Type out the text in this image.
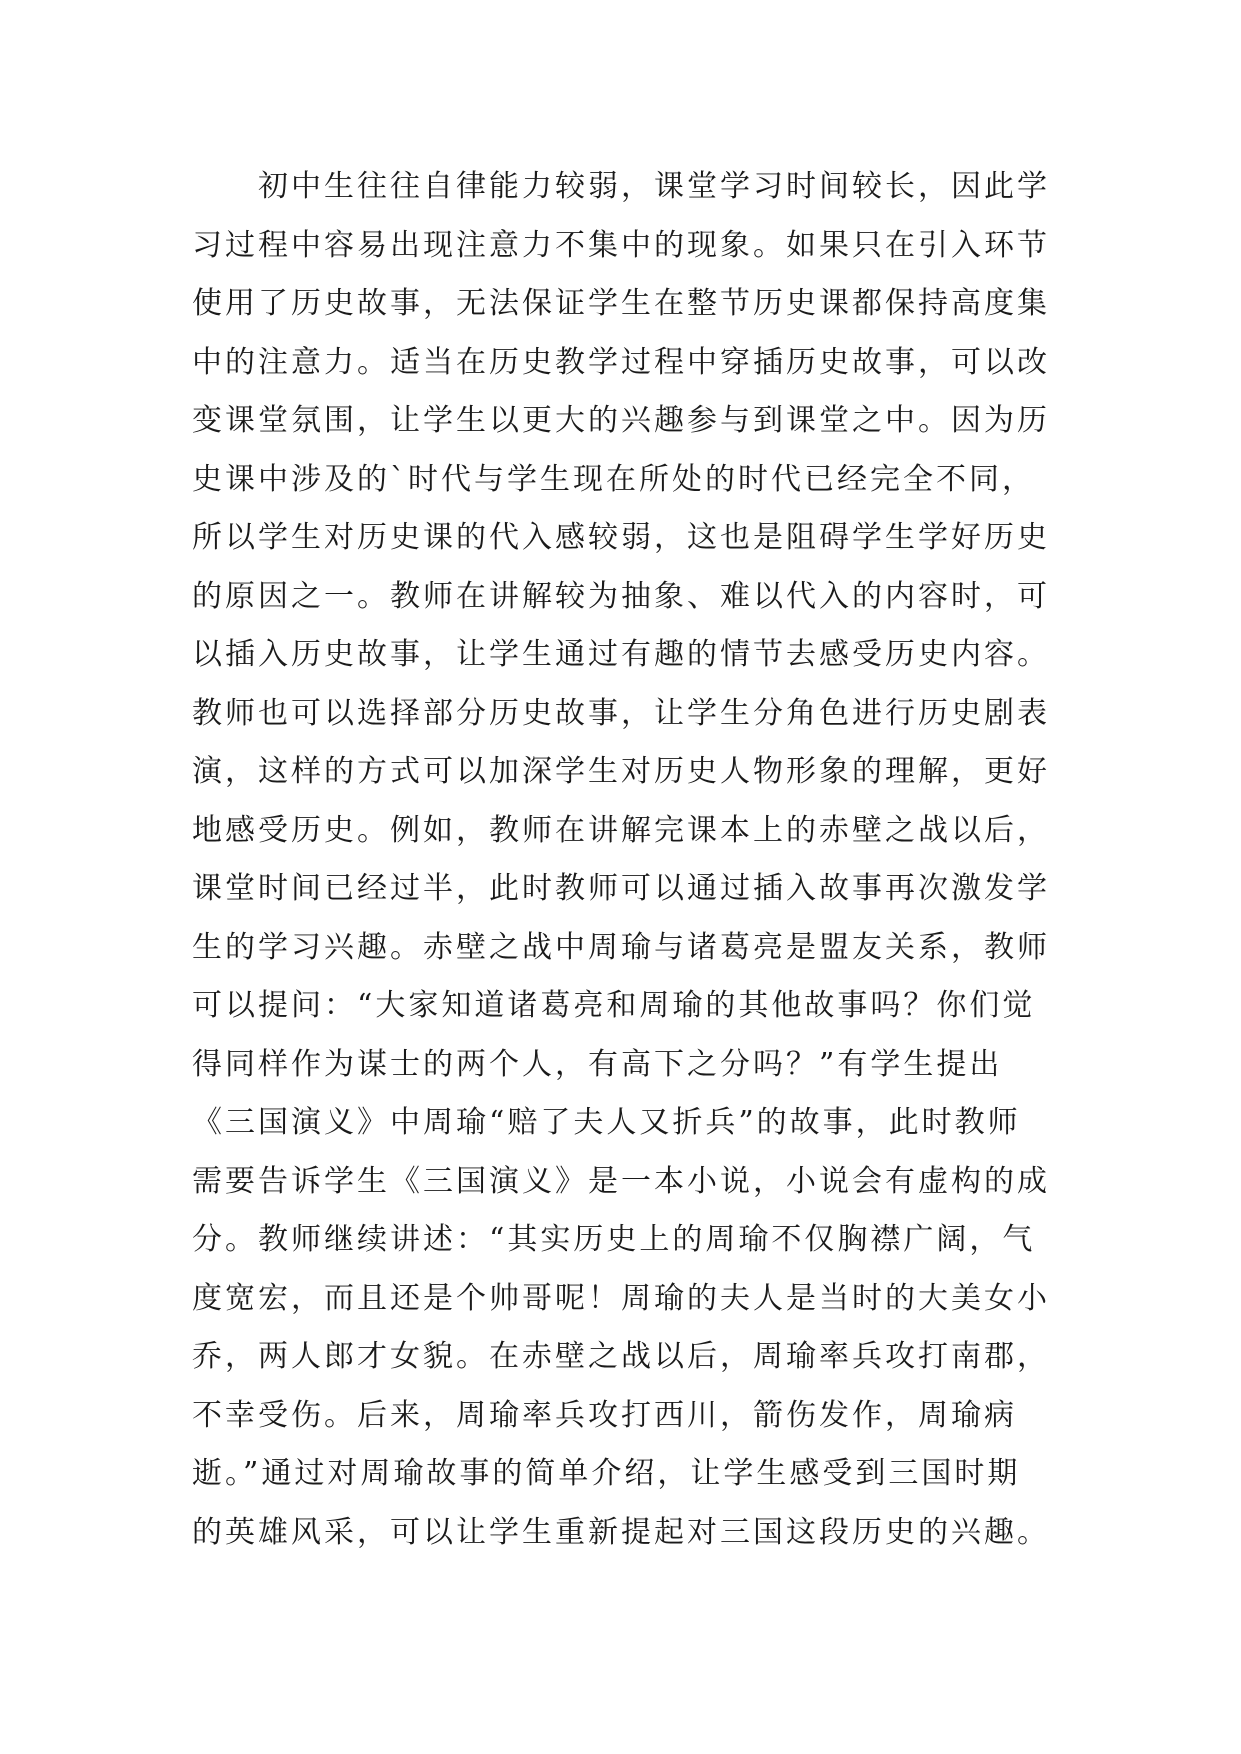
初中生往往自律能力较弱，课堂学习时间较长，因此学
习过程中容易出现注意力不集中的现象。如果只在引入环节
使用了历史故事，无法保证学生在整节历史课都保持高度集
中的注意力。适当在历史教学过程中穿插历史故事，可以改
变课堂氛围，让学生以更大的兴趣参与到课堂之中。因为历
史课中涉及的`时代与学生现在所处的时代已经完全不同，
所以学生对历史课的代入感较弱，这也是阻碍学生学好历史
的原因之一。教师在讲解较为抽象、难以代入的内容时，可
以插入历史故事，让学生通过有趣的情节去感受历史内容。
教师也可以选择部分历史故事，让学生分角色进行历史剧表
演，这样的方式可以加深学生对历史人物形象的理解，更好
地感受历史。例如，教师在讲解完课本上的赤壁之战以后，
课堂时间已经过半，此时教师可以通过插入故事再次激发学
生的学习兴趣。赤壁之战中周瑜与诸葛亮是盟友关系，教师
可以提问：“大家知道诸葛亮和周瑜的其他故事吗？你们觉
得同样作为谋士的两个人，有高下之分吗？”有学生提出
《三国演义》中周瑜“赔了夫人又折兵”的故事，此时教师
需要告诉学生《三国演义》是一本小说，小说会有虚构的成
分。教师继续讲述：“其实历史上的周瑜不仅胸襟广阔，气
度宽宏，而且还是个帅哥呢！周瑜的夫人是当时的大美女小
乔，两人郎才女貌。在赤壁之战以后，周瑜率兵攻打南郡，
不幸受伤。后来，周瑜率兵攻打西川，箭伤发作，周瑜病
逝。”通过对周瑜故事的简单介绍，让学生感受到三国时期
的英雄风采，可以让学生重新提起对三国这段历史的兴趣。
